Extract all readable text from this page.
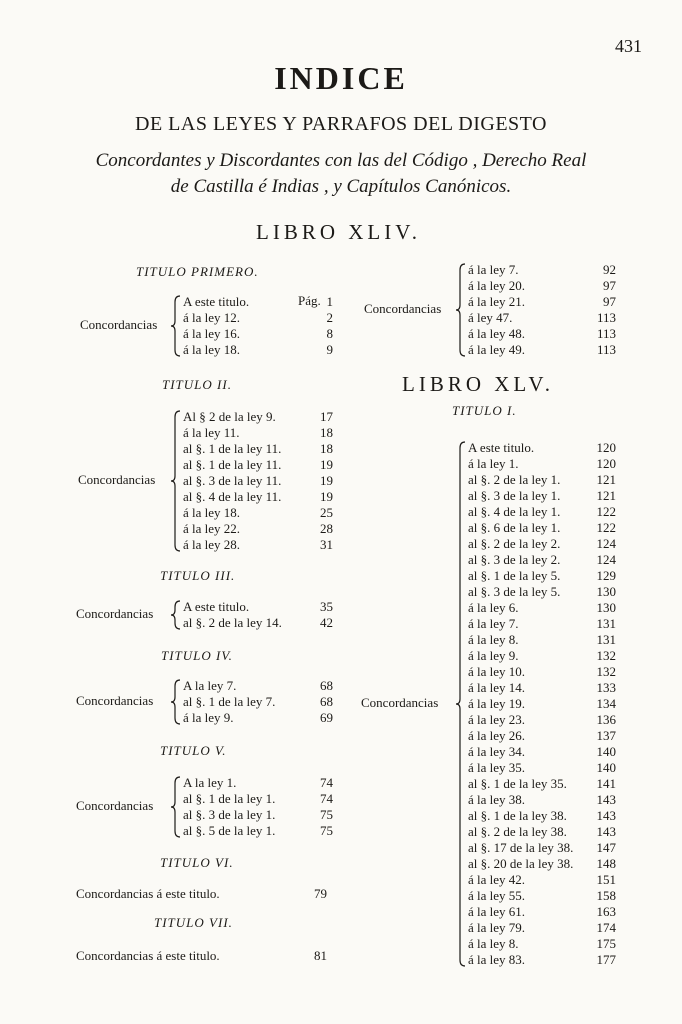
431
INDICE
DE LAS LEYES Y PARRAFOS DEL DIGESTO
Concordantes y Discordantes con las del Código , Derecho Real
de Castilla é Indias , y Capítulos Canónicos.
LIBRO XLIV.
TITULO PRIMERO.
Pág.
Concordancias
A este titulo.	1
á la ley 12.	2
á la ley 16.	8
á la ley 18.	9
TITULO II.
Concordancias
Al § 2 de la ley 9.	17
á la ley 11.	18
al §. 1 de la ley 11.	18
al §. 1 de la ley 11.	19
al §. 3 de la ley 11.	19
al §. 4 de la ley 11.	19
á la ley 18.	25
á la ley 22.	28
á la ley 28.	31
TITULO III.
Concordancias A este titulo.	35
al §. 2 de la ley 14.	42
TITULO IV.
Concordancias
A la ley 7.	68
al §. 1 de la ley 7.	68
á la ley 9.	69
TITULO V.
Concordancias
A la ley 1.	74
al §. 1 de la ley 1.	74
al §. 3 de la ley 1.	75
al §. 5 de la ley 1.	75
TITULO VI.
Concordancias á este titulo.	79
TITULO VII.
Concordancias á este titulo.	81
Concordancias
á la ley 7.	92
á la ley 20.	97
á la ley 21.	97
á ley 47.	113
á la ley 48.	113
á la ley 49.	113
LIBRO XLV.
TITULO I.
Concordancias
A este titulo.	120
á la ley 1.	120
al §. 2 de la ley 1.	121
al §. 3 de la ley 1.	121
al §. 4 de la ley 1.	122
al §. 6 de la ley 1.	122
al §. 2 de la ley 2.	124
al §. 3 de la ley 2.	124
al §. 1 de la ley 5.	129
al §. 3 de la ley 5.	130
á la ley 6.	130
á la ley 7.	131
á la ley 8.	131
á la ley 9.	132
á la ley 10.	132
á la ley 14.	133
á la ley 19.	134
á la ley 23.	136
á la ley 26.	137
á la ley 34.	140
á la ley 35.	140
al §. 1 de la ley 35. 141
á la ley 38.	143
al §. 1 de la ley 38. 143
al §. 2 de la ley 38. 143
al §. 17 de la ley 38. 147
al §. 20 de la ley 38. 148
á la ley 42.	151
á la ley 55.	158
á la ley 61.	163
á la ley 79.	174
á la ley 8.	175
á la ley 83.	177
